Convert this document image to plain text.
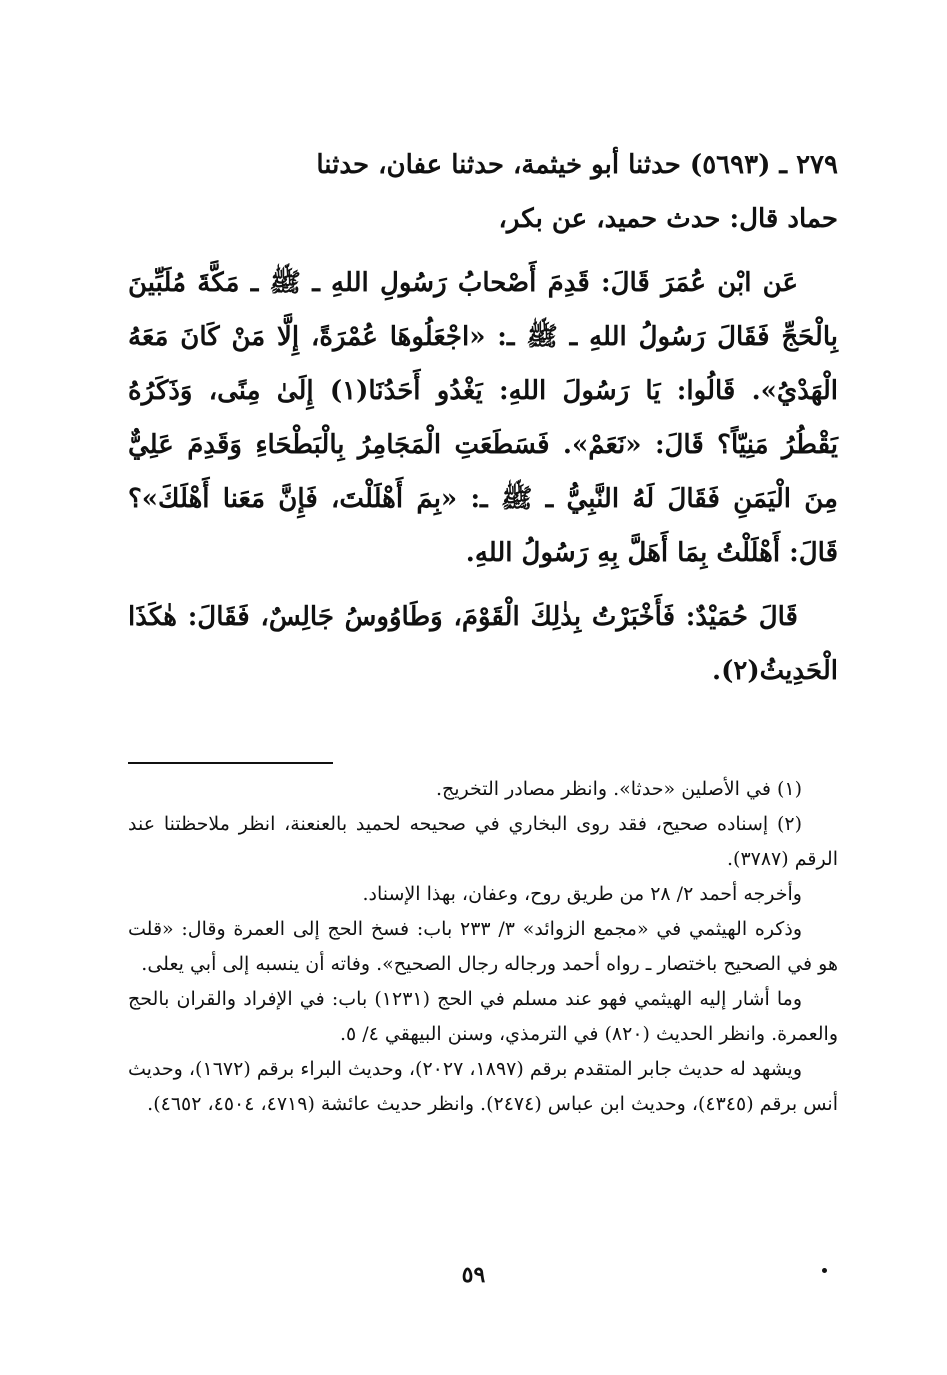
٢٧٩ ـ (٥٦٩٣) حدثنا أبو خيثمة، حدثنا عفان، حدثنا
حماد قال: حدث حميد، عن بكر،

عَن ابْن عُمَرَ قَالَ: قَدِمَ أَصْحابُ رَسُولِ اللهِ ـ ﷺ ـ مَكَّةَ مُلَبِّينَ بِالْحَجِّ فَقَالَ رَسُولُ اللهِ ـ ﷺ ـ: «اجْعَلُوهَا عُمْرَةً، إِلَّا مَنْ كَانَ مَعَهُ الْهَدْيُ». قَالُوا: يَا رَسُولَ اللهِ: يَغْدُو أَحَدُنَا(١) إِلَىٰ مِنًى، وَذَكَرُهُ يَقْطُرُ مَنِيّاً؟ قَالَ: «نَعَمْ». فَسَطَعَتِ الْمَجَامِرُ بِالْبَطْحَاءِ وَقَدِمَ عَلِيٌّ مِنَ الْيَمَنِ فَقَالَ لَهُ النَّبِيُّ ـ ﷺ ـ: «بِمَ أَهْلَلْتَ، فَإِنَّ مَعَنا أَهْلَكَ»؟ قَالَ: أَهْلَلْتُ بِمَا أَهَلَّ بِهِ رَسُولُ اللهِ.

قَالَ حُمَيْدٌ: فَأَخْبَرْتُ بِذٰلِكَ الْقَوْمَ، وَطَاوُوسُ جَالِسٌ، فَقَالَ: هٰكَذَا الْحَدِيثُ(٢).

(١) في الأصلين «حدثا». وانظر مصادر التخريج.

(٢) إسناده صحيح، فقد روى البخاري في صحيحه لحميد بالعنعنة، انظر ملاحظتنا عند الرقم (٣٧٨٧).

وأخرجه أحمد ٢/ ٢٨ من طريق روح، وعفان، بهذا الإسناد.

وذكره الهيثمي في «مجمع الزوائد» ٣/ ٢٣٣ باب: فسخ الحج إلى العمرة وقال: «قلت هو في الصحيح باختصار ـ رواه أحمد ورجاله رجال الصحيح». وفاته أن ينسبه إلى أبي يعلى.

وما أشار إليه الهيثمي فهو عند مسلم في الحج (١٢٣١) باب: في الإفراد والقران بالحج والعمرة. وانظر الحديث (٨٢٠) في الترمذي، وسنن البيهقي ٤/ ٥.

ويشهد له حديث جابر المتقدم برقم (١٨٩٧، ٢٠٢٧)، وحديث البراء برقم (١٦٧٢)، وحديث أنس برقم (٤٣٤٥)، وحديث ابن عباس (٢٤٧٤). وانظر حديث عائشة (٤٧١٩، ٤٥٠٤، ٤٦٥٢).

٥٩
